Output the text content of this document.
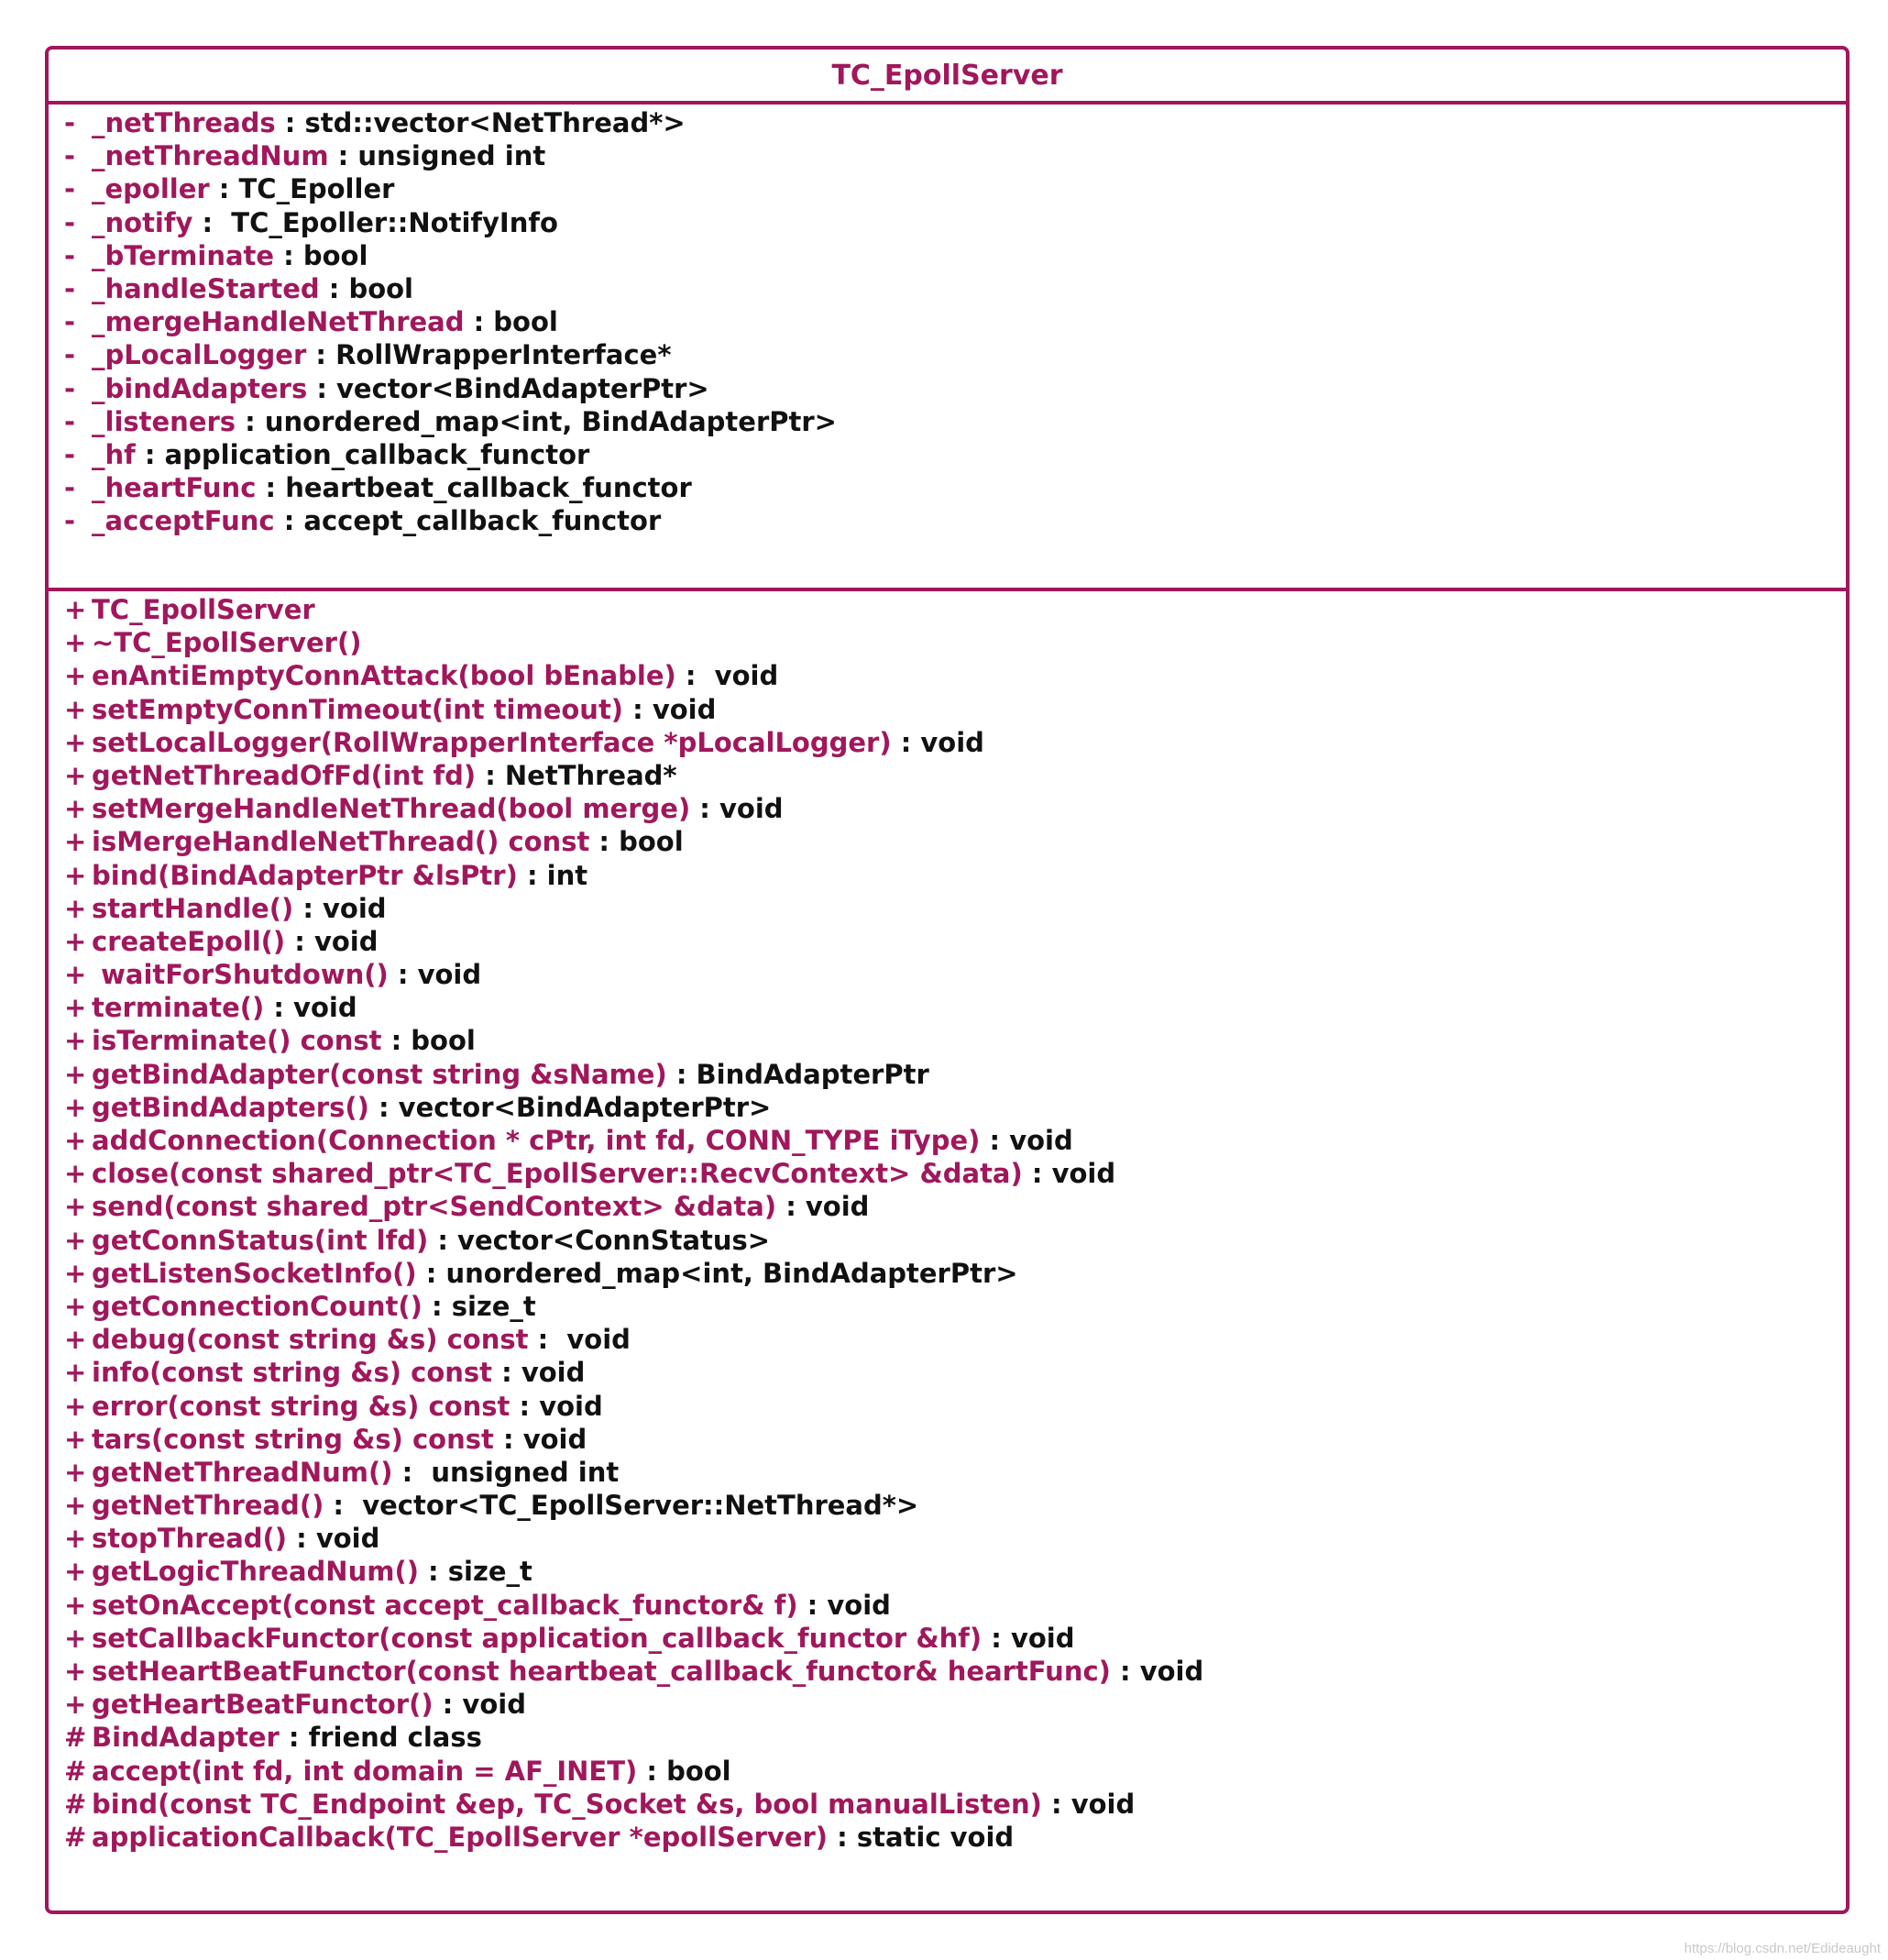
TC_EpollServer
- _netThreads : std::vector<NetThread*>
- _netThreadNum : unsigned int
- _epoller : TC_Epoller
- _notify :  TC_Epoller::NotifyInfo
- _bTerminate : bool
- _handleStarted : bool
- _mergeHandleNetThread : bool
- _pLocalLogger : RollWrapperInterface*
- _bindAdapters : vector<BindAdapterPtr>
- _listeners : unordered_map<int, BindAdapterPtr>
- _hf : application_callback_functor
- _heartFunc : heartbeat_callback_functor
- _acceptFunc : accept_callback_functor
+ TC_EpollServer
+ ~TC_EpollServer()
+ enAntiEmptyConnAttack(bool bEnable) :  void
+ setEmptyConnTimeout(int timeout) : void
+ setLocalLogger(RollWrapperInterface *pLocalLogger) : void
+ getNetThreadOfFd(int fd) : NetThread*
+ setMergeHandleNetThread(bool merge) : void
+ isMergeHandleNetThread() const : bool
+ bind(BindAdapterPtr &lsPtr) : int
+ startHandle() : void
+ createEpoll() : void
+ waitForShutdown() : void
+ terminate() : void
+ isTerminate() const : bool
+ getBindAdapter(const string &sName) : BindAdapterPtr
+ getBindAdapters() : vector<BindAdapterPtr>
+ addConnection(Connection * cPtr, int fd, CONN_TYPE iType) : void
+ close(const shared_ptr<TC_EpollServer::RecvContext> &data) : void
+ send(const shared_ptr<SendContext> &data) : void
+ getConnStatus(int lfd) : vector<ConnStatus>
+ getListenSocketInfo() : unordered_map<int, BindAdapterPtr>
+ getConnectionCount() : size_t
+ debug(const string &s) const :  void
+ info(const string &s) const : void
+ error(const string &s) const : void
+ tars(const string &s) const : void
+ getNetThreadNum() :  unsigned int
+ getNetThread() :  vector<TC_EpollServer::NetThread*>
+ stopThread() : void
+ getLogicThreadNum() : size_t
+ setOnAccept(const accept_callback_functor& f) : void
+ setCallbackFunctor(const application_callback_functor &hf) : void
+ setHeartBeatFunctor(const heartbeat_callback_functor& heartFunc) : void
+ getHeartBeatFunctor() : void
# BindAdapter : friend class
# accept(int fd, int domain = AF_INET) : bool
# bind(const TC_Endpoint &ep, TC_Socket &s, bool manualListen) : void
# applicationCallback(TC_EpollServer *epollServer) : static void
https://blog.csdn.net/Edideaught
